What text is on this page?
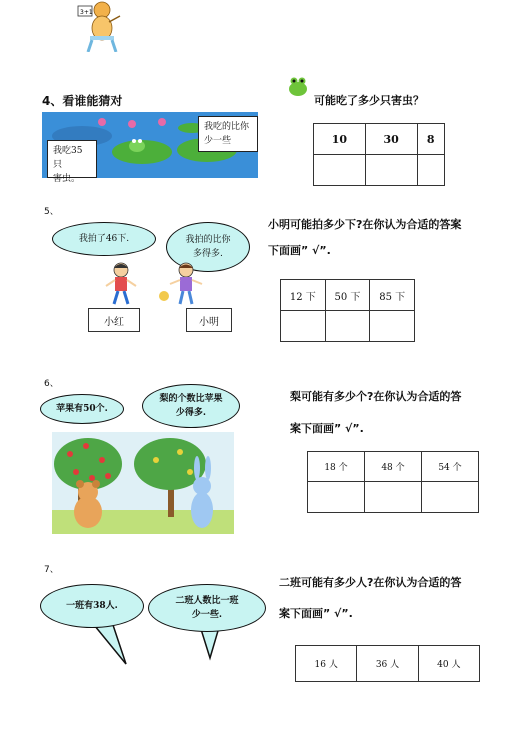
3+1
4、看谁能猜对
我吃35只
害虫。
我吃的比你
少一些
可能吃了多少只害虫？
10	30	8

5、
我拍了46下.	我拍的比你
多得多.
小红	小明
小明可能拍多少下?在你认为合适的答案
下面画” √”.
12 下	50 下	85 下

6、
苹果有50个.
梨的个数比苹果
少得多.
梨可能有多少个?在你认为合适的答
案下面画” √”.
18 个	48 个	54 个

7、
一班有38人.	二班人数比一班
少一些.
二班可能有多少人?在你认为合适的答
案下面画” √”.
16 人	36 人	40 人
